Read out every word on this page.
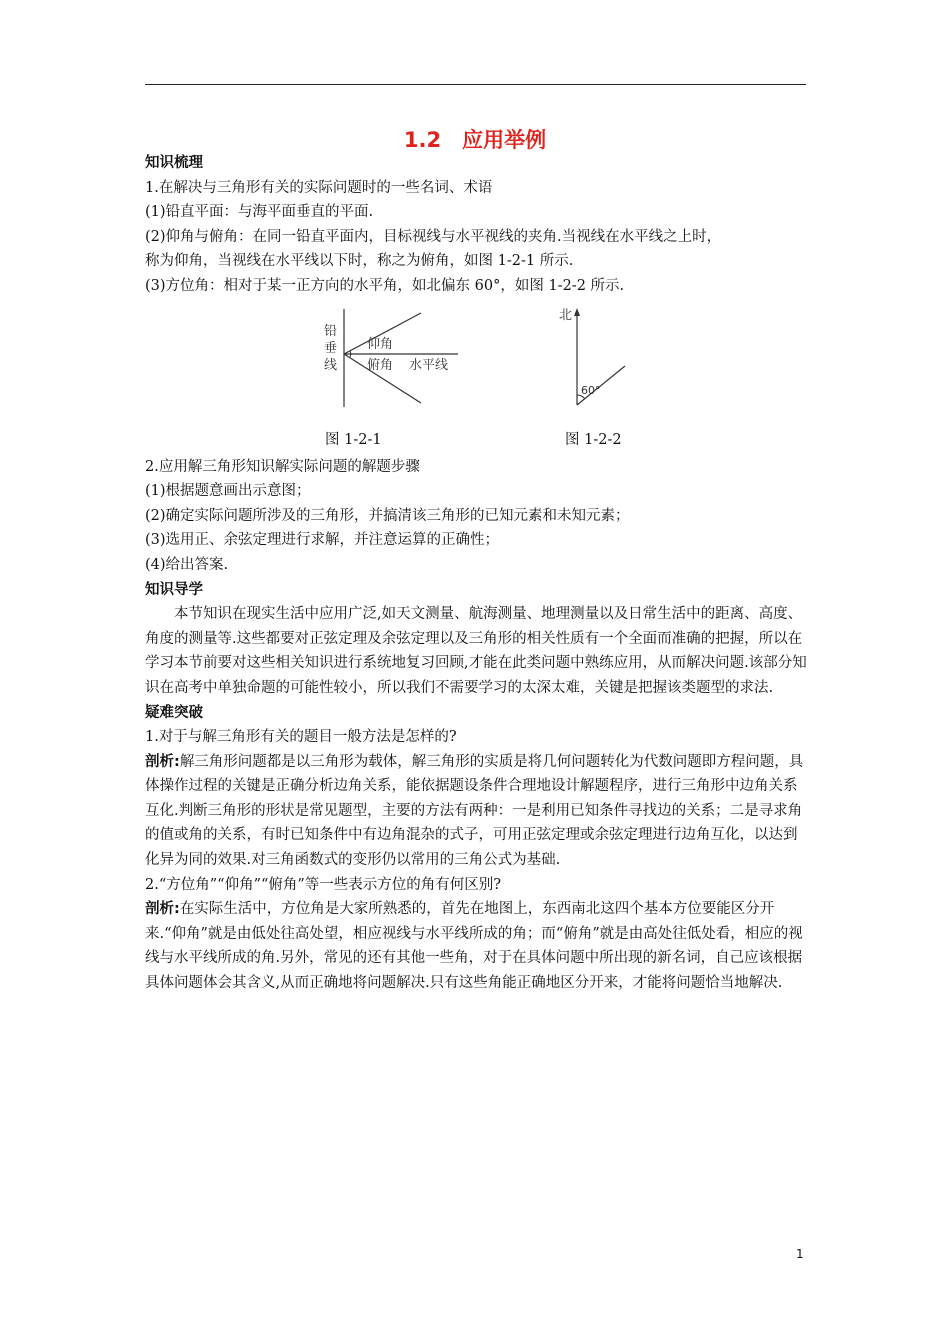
1.2　应用举例

知识梳理

1.在解决与三角形有关的实际问题时的一些名词、术语

(1)铅直平面：与海平面垂直的平面.

(2)仰角与俯角：在同一铅直平面内，目标视线与水平视线的夹角.当视线在水平线之上时，

称为仰角，当视线在水平线以下时，称之为俯角，如图 1-2-1 所示.

(3)方位角：相对于某一正方向的水平角，如北偏东 60°，如图 1-2-2 所示.

铅
垂
线
仰角
俯角 水平线
北
60°
图 1-2-1	图 1-2-2

2.应用解三角形知识解实际问题的解题步骤

(1)根据题意画出示意图；

(2)确定实际问题所涉及的三角形，并搞清该三角形的已知元素和未知元素；

(3)选用正、余弦定理进行求解，并注意运算的正确性；

(4)给出答案.

知识导学

本节知识在现实生活中应用广泛,如天文测量、航海测量、地理测量以及日常生活中的距离、高度、角度的测量等.这些都要对正弦定理及余弦定理以及三角形的相关性质有一个全面而准确的把握，所以在学习本节前要对这些相关知识进行系统地复习回顾,才能在此类问题中熟练应用，从而解决问题.该部分知识在高考中单独命题的可能性较小，所以我们不需要学习的太深太难，关键是把握该类题型的求法.

疑难突破

1.对于与解三角形有关的题目一般方法是怎样的?

剖析:解三角形问题都是以三角形为载体，解三角形的实质是将几何问题转化为代数问题即方程问题，具体操作过程的关键是正确分析边角关系，能依据题设条件合理地设计解题程序，进行三角形中边角关系互化.判断三角形的形状是常见题型，主要的方法有两种：一是利用已知条件寻找边的关系；二是寻求角的值或角的关系，有时已知条件中有边角混杂的式子，可用正弦定理或余弦定理进行边角互化，以达到化异为同的效果.对三角函数式的变形仍以常用的三角公式为基础.

2.“方位角”“仰角”“俯角”等一些表示方位的角有何区别?

剖析:在实际生活中，方位角是大家所熟悉的，首先在地图上，东西南北这四个基本方位要能区分开来.“仰角”就是由低处往高处望，相应视线与水平线所成的角；而“俯角”就是由高处往低处看，相应的视线与水平线所成的角.另外，常见的还有其他一些角，对于在具体问题中所出现的新名词，自己应该根据具体问题体会其含义,从而正确地将问题解决.只有这些角能正确地区分开来，才能将问题恰当地解决.

1
